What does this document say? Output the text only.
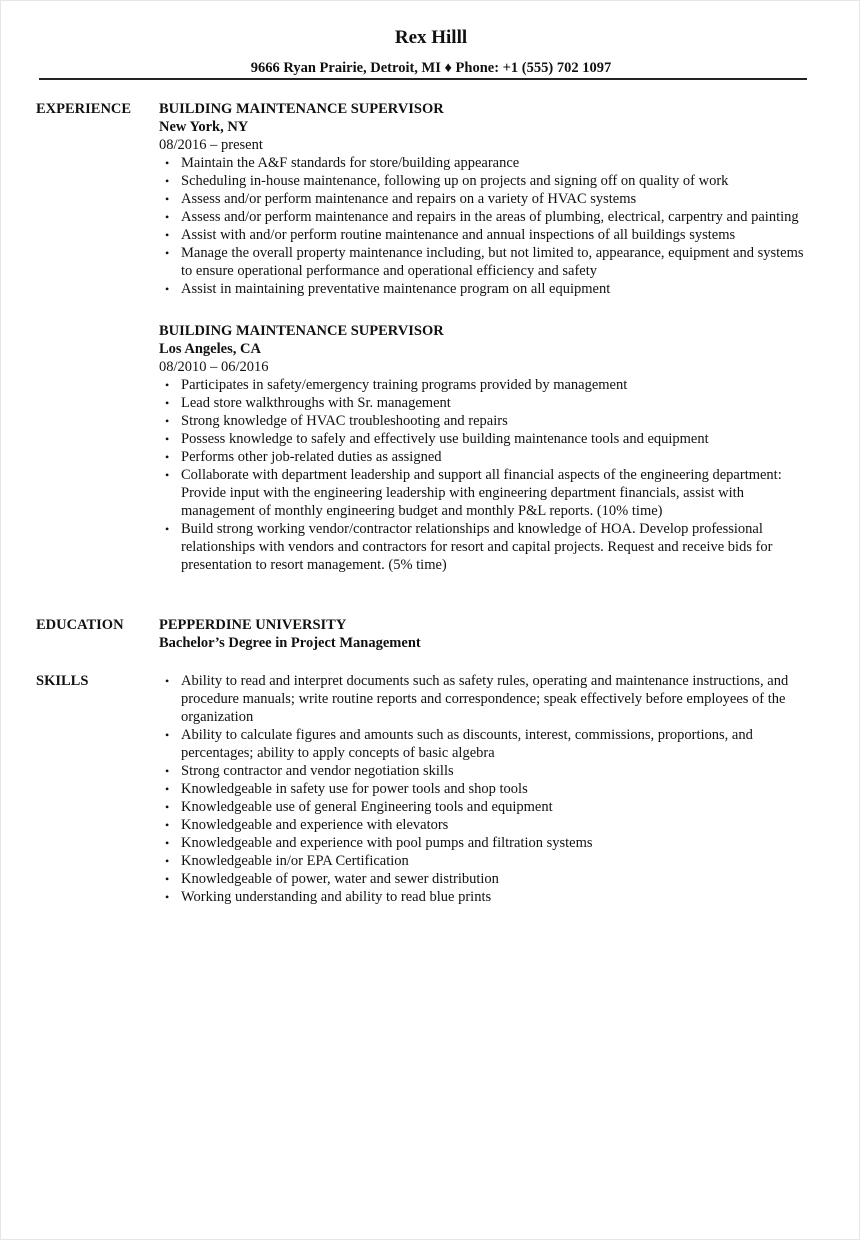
Rex Hilll
9666 Ryan Prairie, Detroit, MI ♦ Phone: +1 (555) 702 1097
EXPERIENCE BUILDING MAINTENANCE SUPERVISOR
New York, NY
08/2016 – present
• Maintain the A&F standards for store/building appearance
• Scheduling in-house maintenance, following up on projects and signing off on quality of work
• Assess and/or perform maintenance and repairs on a variety of HVAC systems
• Assess and/or perform maintenance and repairs in the areas of plumbing, electrical, carpentry and painting
• Assist with and/or perform routine maintenance and annual inspections of all buildings systems
• Manage the overall property maintenance including, but not limited to, appearance, equipment and systems to ensure operational performance and operational efficiency and safety
• Assist in maintaining preventative maintenance program on all equipment
BUILDING MAINTENANCE SUPERVISOR
Los Angeles, CA
08/2010 – 06/2016
• Participates in safety/emergency training programs provided by management
• Lead store walkthroughs with Sr. management
• Strong knowledge of HVAC troubleshooting and repairs
• Possess knowledge to safely and effectively use building maintenance tools and equipment
• Performs other job-related duties as assigned
• Collaborate with department leadership and support all financial aspects of the engineering department: Provide input with the engineering leadership with engineering department financials, assist with management of monthly engineering budget and monthly P&L reports. (10% time)
• Build strong working vendor/contractor relationships and knowledge of HOA. Develop professional relationships with vendors and contractors for resort and capital projects. Request and receive bids for presentation to resort management. (5% time)
EDUCATION PEPPERDINE UNIVERSITY
Bachelor’s Degree in Project Management
SKILLS
•	Ability to read and interpret documents such as safety rules, operating and maintenance instructions, and procedure manuals; write routine reports and correspondence; speak effectively before employees of the organization
• Ability to calculate figures and amounts such as discounts, interest, commissions, proportions, and percentages; ability to apply concepts of basic algebra
• Strong contractor and vendor negotiation skills
• Knowledgeable in safety use for power tools and shop tools
• Knowledgeable use of general Engineering tools and equipment
• Knowledgeable and experience with elevators
• Knowledgeable and experience with pool pumps and filtration systems
• Knowledgeable in/or EPA Certification
• Knowledgeable of power, water and sewer distribution
• Working understanding and ability to read blue prints
